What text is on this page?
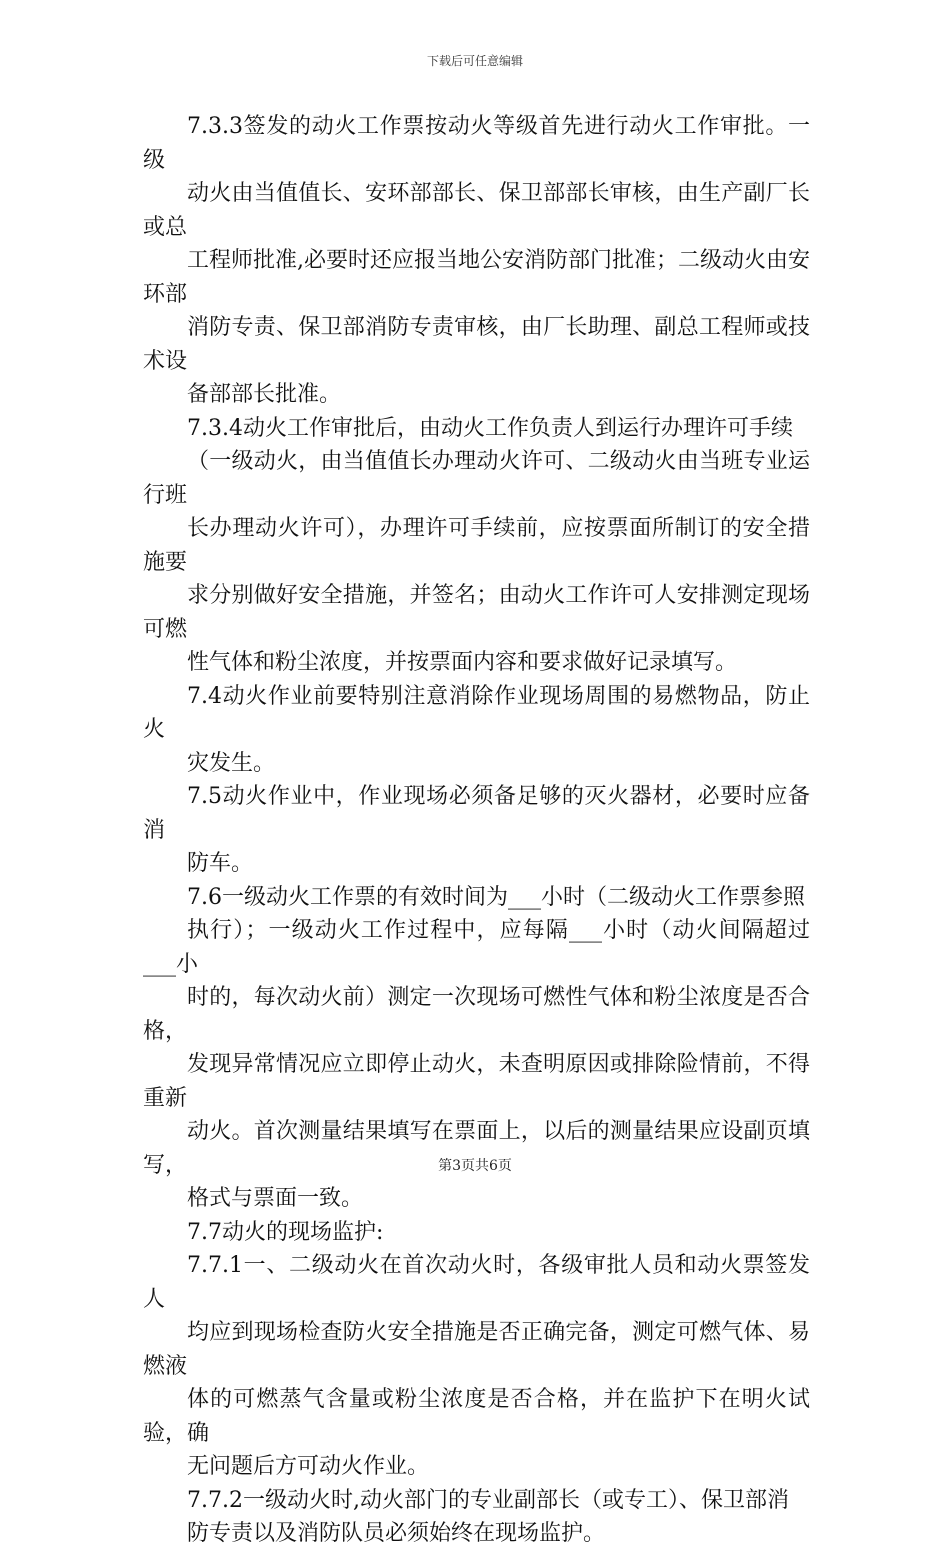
下载后可任意编辑

7.3.3签发的动火工作票按动火等级首先进行动火工作审批。一级
动火由当值值长、安环部部长、保卫部部长审核，由生产副厂长或总
工程师批准,必要时还应报当地公安消防部门批准；二级动火由安环部
消防专责、保卫部消防专责审核，由厂长助理、副总工程师或技术设
备部部长批准。

7.3.4动火工作审批后，由动火工作负责人到运行办理许可手续
（一级动火，由当值值长办理动火许可、二级动火由当班专业运行班
长办理动火许可），办理许可手续前，应按票面所制订的安全措施要
求分别做好安全措施，并签名；由动火工作许可人安排测定现场可燃
性气体和粉尘浓度，并按票面内容和要求做好记录填写。

7.4动火作业前要特别注意消除作业现场周围的易燃物品，防止火
灾发生。

7.5动火作业中，作业现场必须备足够的灭火器材，必要时应备消
防车。

7.6一级动火工作票的有效时间为___小时（二级动火工作票参照
执行）；一级动火工作过程中，应每隔___小时（动火间隔超过___小
时的，每次动火前）测定一次现场可燃性气体和粉尘浓度是否合格，
发现异常情况应立即停止动火，未查明原因或排除险情前，不得重新
动火。首次测量结果填写在票面上，以后的测量结果应设副页填写，
格式与票面一致。

7.7动火的现场监护:

7.7.1一、二级动火在首次动火时，各级审批人员和动火票签发人
均应到现场检查防火安全措施是否正确完备，测定可燃气体、易燃液
体的可燃蒸气含量或粉尘浓度是否合格，并在监护下在明火试验，确
无问题后方可动火作业。

7.7.2一级动火时,动火部门的专业副部长（或专工）、保卫部消
防专责以及消防队员必须始终在现场监护。

第3页共6页
